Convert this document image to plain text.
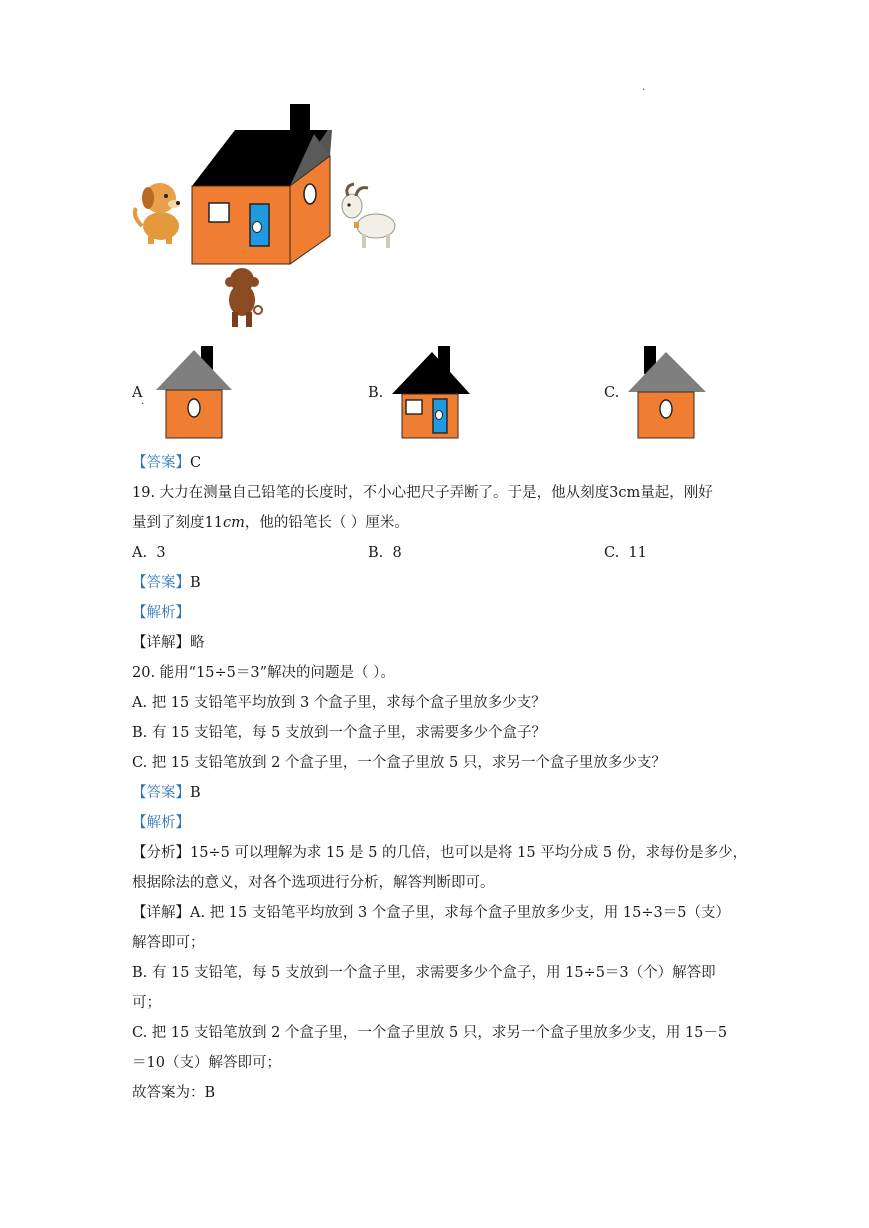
.
A
.
B.	C.
【答案】C
19. 大力在测量自己铅笔的长度时，不小心把尺子弄断了。于是，他从刻度3cm量起，刚好
量到了刻度11cm，他的铅笔长（ ）厘米。
A. 3	B. 8	C. 11
【答案】B
【解析】
【详解】略
20. 能用“15÷5＝3”解决的问题是（ ）。
A. 把 15 支铅笔平均放到 3 个盒子里，求每个盒子里放多少支？
B. 有 15 支铅笔，每 5 支放到一个盒子里，求需要多少个盒子？
C. 把 15 支铅笔放到 2 个盒子里，一个盒子里放 5 只，求另一个盒子里放多少支？
【答案】B
【解析】
【分析】15÷5 可以理解为求 15 是 5 的几倍，也可以是将 15 平均分成 5 份，求每份是多少，
根据除法的意义，对各个选项进行分析，解答判断即可。
【详解】A. 把 15 支铅笔平均放到 3 个盒子里，求每个盒子里放多少支，用 15÷3＝5（支）
解答即可；
B. 有 15 支铅笔，每 5 支放到一个盒子里，求需要多少个盒子，用 15÷5＝3（个）解答即
可；
C. 把 15 支铅笔放到 2 个盒子里，一个盒子里放 5 只，求另一个盒子里放多少支，用 15－5
＝10（支）解答即可；
故答案为：B
